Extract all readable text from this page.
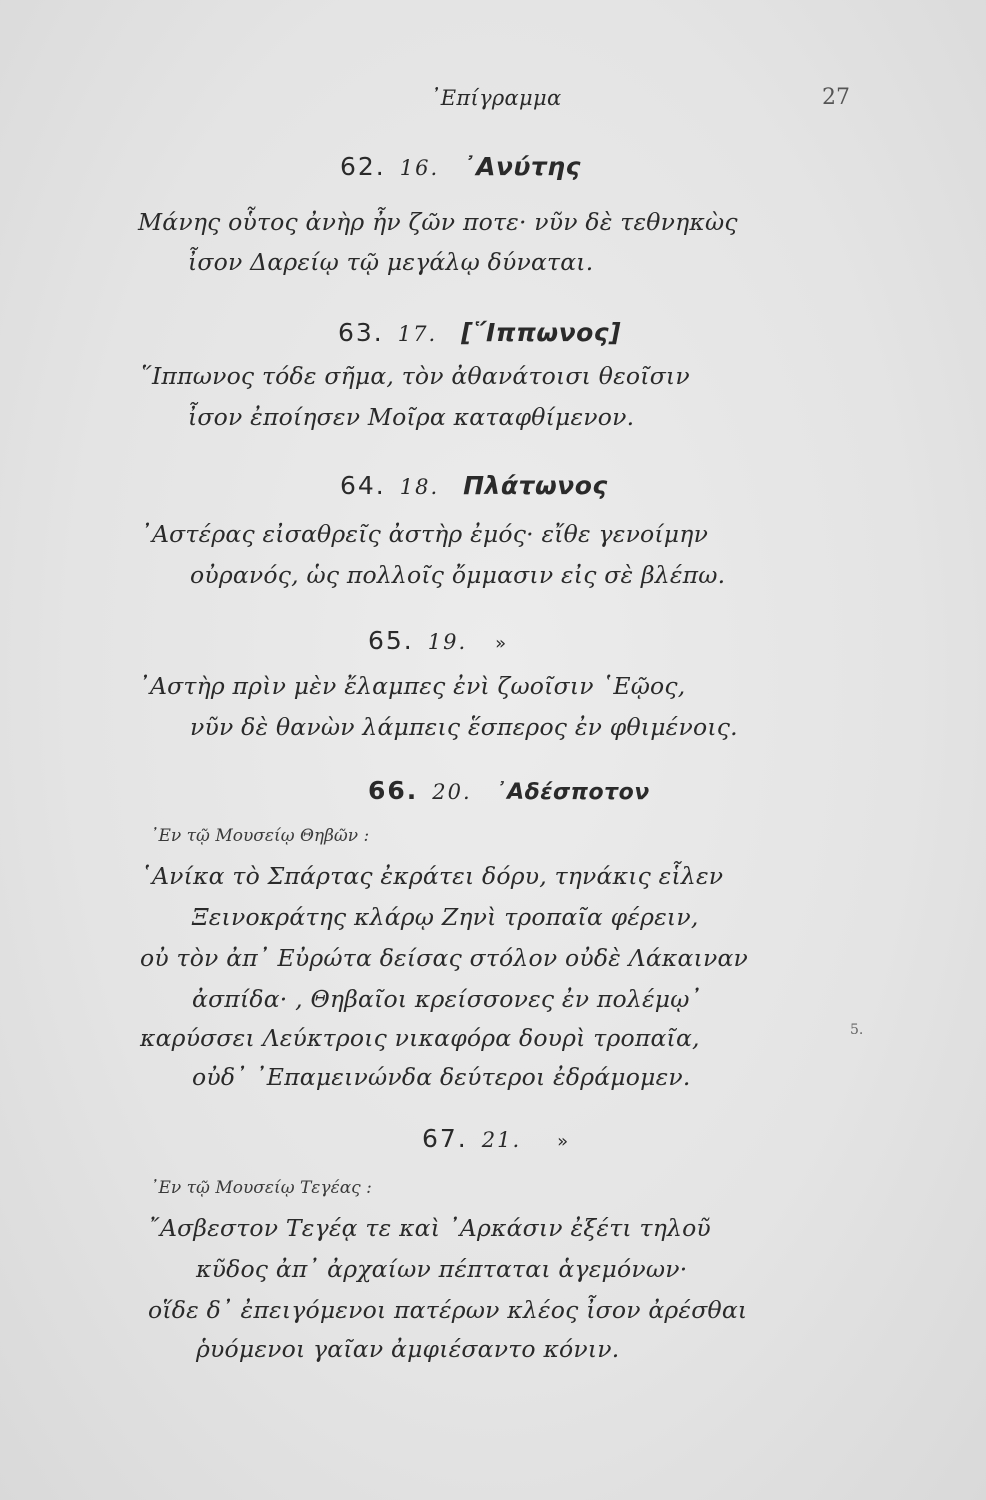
᾿Επίγραμμα	27
62. 16. ᾿Ανύτης
Μάνης οὗτος ἀνὴρ ἦν ζῶν ποτε· νῦν δὲ τεθνηκὼς
ἶσον Δαρείῳ τῷ μεγάλῳ δύναται.
63. 17. [῞Ιππωνος]
῞Ιππωνος τόδε σῆμα, τὸν ἀθανάτοισι θεοῖσιν
ἶσον ἐποίησεν Μοῖρα καταφθίμενον.
64. 18. Πλάτωνος
᾿Αστέρας εἰσαθρεῖς ἀστὴρ ἐμός· εἴθε γενοίμην
οὐρανός, ὡς πολλοῖς ὄμμασιν εἰς σὲ βλέπω.
65. 19. »
᾿Αστὴρ πρὶν μὲν ἔλαμπες ἐνὶ ζωοῖσιν ῾Εῷος,
νῦν δὲ θανὼν λάμπεις ἕσπερος ἐν φθιμένοις.
66. 20. ᾿Αδέσποτον
᾿Εν τῷ Μουσείῳ Θηβῶν :
῾Ανίκα τὸ Σπάρτας ἐκράτει δόρυ, τηνάκις εἷλεν
Ξεινοκράτης κλάρῳ Ζηνὶ τροπαῖα φέρειν,
οὐ τὸν ἀπ᾿ Εὐρώτα δείσας στόλον οὐδὲ Λάκαιναν
ἀσπίδα· , Θηβαῖοι κρείσσονες ἐν πολέμῳ᾿
καρύσσει Λεύκτροις νικαφόρα δουρὶ τροπαῖα,
οὐδ᾿ ᾿Επαμεινώνδα δεύτεροι ἐδράμομεν.
5.
67. 21. »
᾿Εν τῷ Μουσείῳ Τεγέας :
῎Ασβεστον Τεγέᾳ τε καὶ ᾿Αρκάσιν ἐξέτι τηλοῦ
κῦδος ἀπ᾿ ἀρχαίων πέπταται ἁγεμόνων·
οἵδε δ᾿ ἐπειγόμενοι πατέρων κλέος ἶσον ἀρέσθαι
ῥυόμενοι γαῖαν ἀμφιέσαντο κόνιν.
